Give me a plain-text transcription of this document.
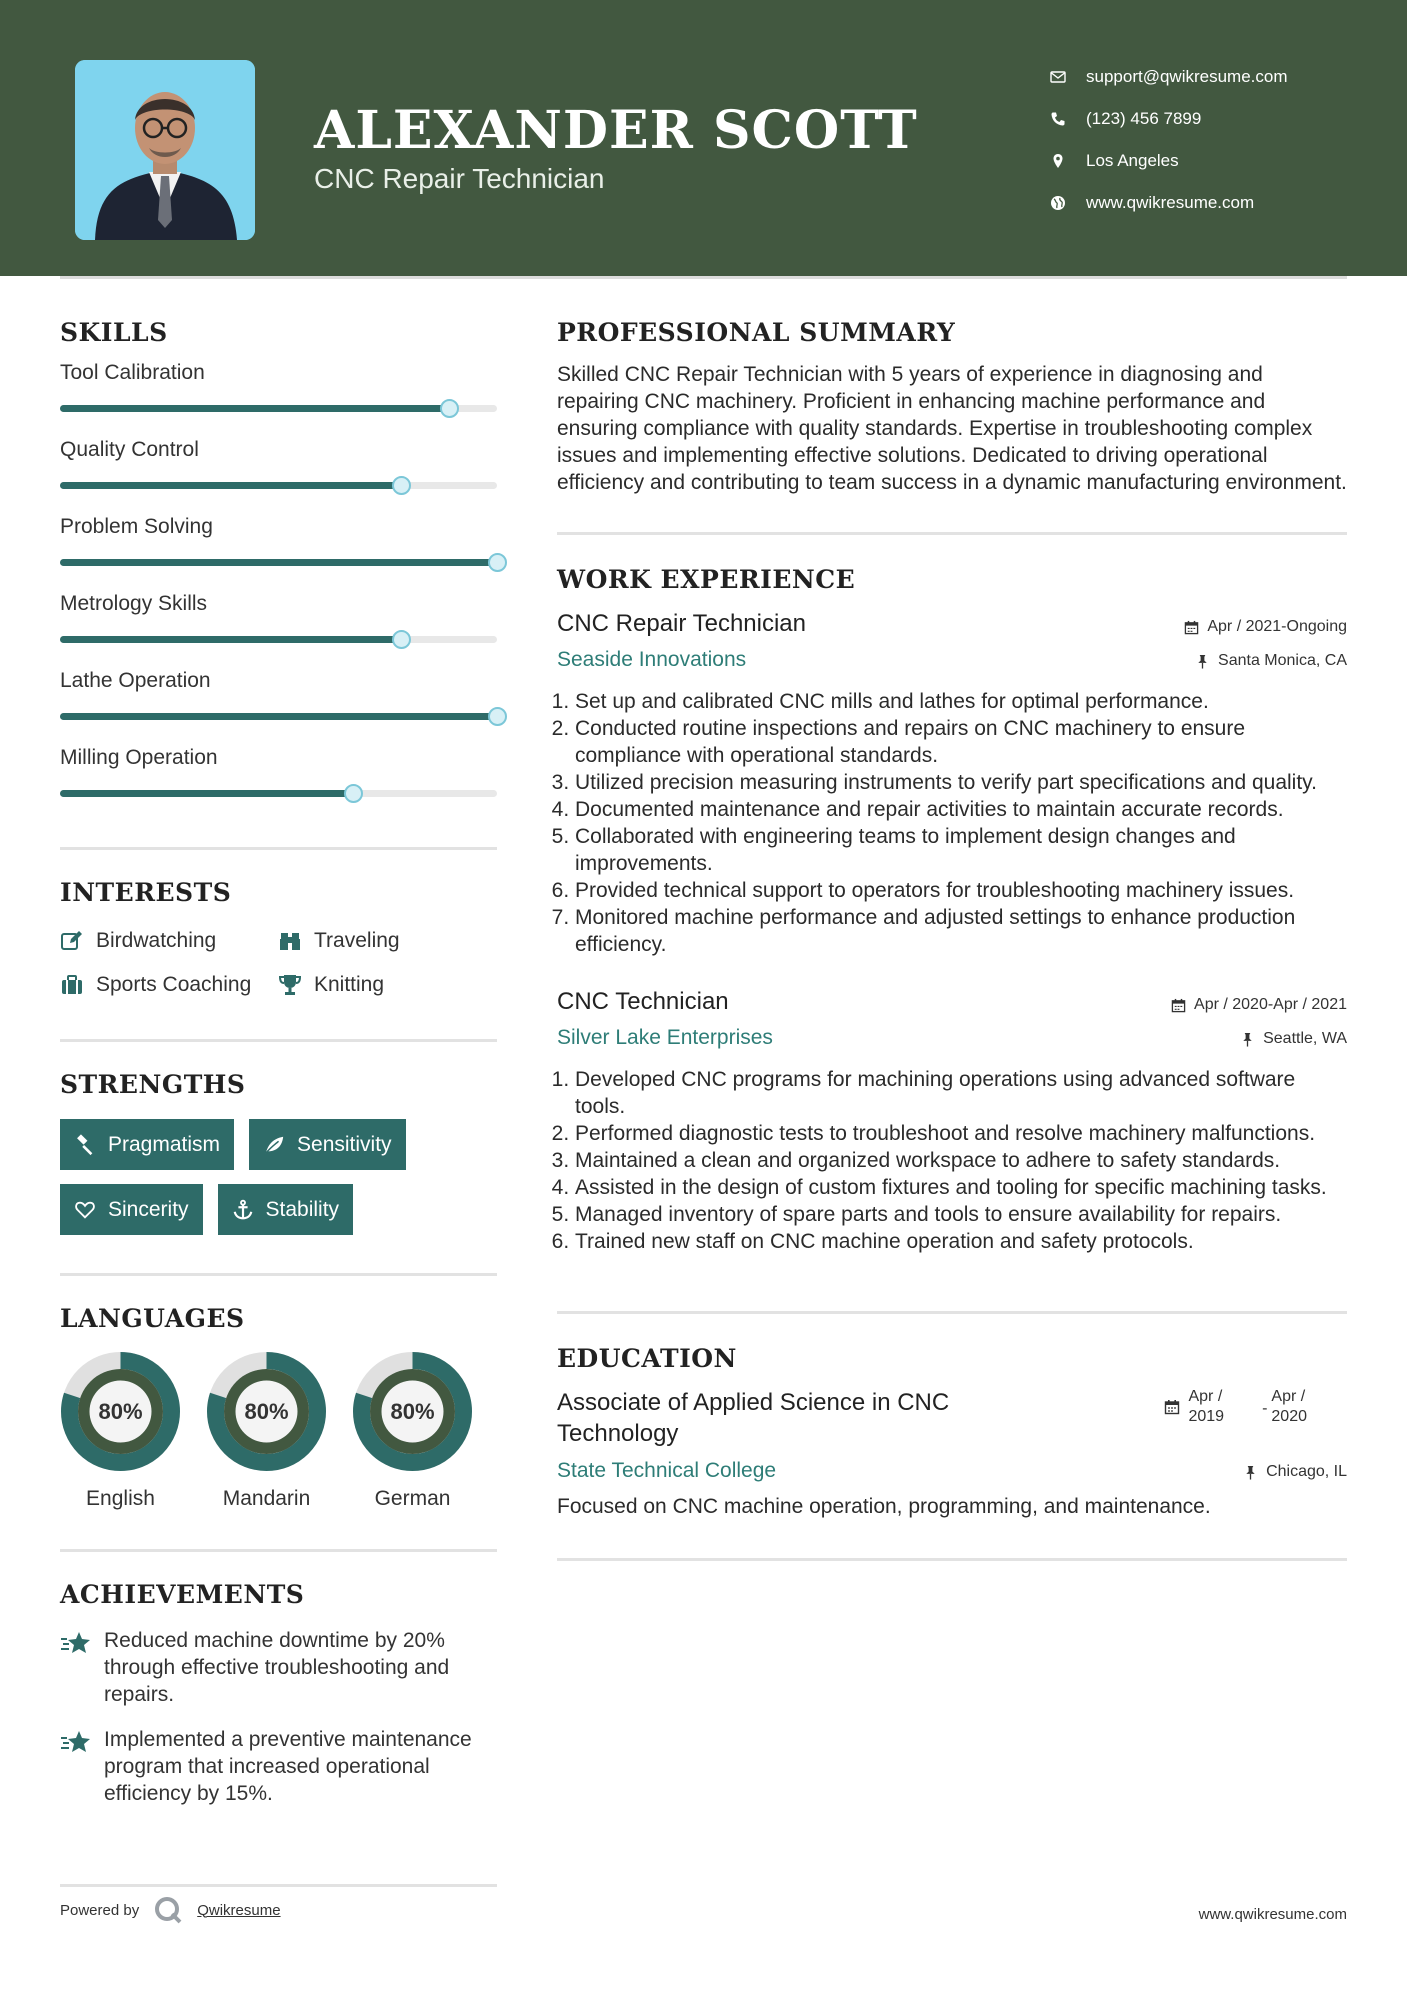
ALEXANDER SCOTT
CNC Repair Technician
support@qwikresume.com
(123) 456 7899
Los Angeles
www.qwikresume.com
SKILLS
Tool Calibration
Quality Control
Problem Solving
Metrology Skills
Lathe Operation
Milling Operation
INTERESTS
Birdwatching	Traveling
Sports Coaching	Knitting
STRENGTHS
Pragmatism	Sensitivity
Sincerity	Stability
LANGUAGES
80%
English
80%
Mandarin
80%
German
ACHIEVEMENTS
Reduced machine downtime by 20% through effective troubleshooting and repairs.
Implemented a preventive maintenance program that increased operational efficiency by 15%.
PROFESSIONAL SUMMARY
Skilled CNC Repair Technician with 5 years of experience in diagnosing and repairing CNC machinery. Proficient in enhancing machine performance and ensuring compliance with quality standards. Expertise in troubleshooting complex issues and implementing effective solutions. Dedicated to driving operational efficiency and contributing to team success in a dynamic manufacturing environment.
WORK EXPERIENCE
CNC Repair Technician	Apr / 2021-Ongoing
Seaside Innovations	Santa Monica, CA
1. Set up and calibrated CNC mills and lathes for optimal performance.
2. Conducted routine inspections and repairs on CNC machinery to ensure compliance with operational standards.
3. Utilized precision measuring instruments to verify part specifications and quality.
4. Documented maintenance and repair activities to maintain accurate records.
5. Collaborated with engineering teams to implement design changes and improvements.
6. Provided technical support to operators for troubleshooting machinery issues.
7. Monitored machine performance and adjusted settings to enhance production efficiency.
CNC Technician	Apr / 2020-Apr / 2021
Silver Lake Enterprises	Seattle, WA
1. Developed CNC programs for machining operations using advanced software tools.
2. Performed diagnostic tests to troubleshoot and resolve machinery malfunctions.
3. Maintained a clean and organized workspace to adhere to safety standards.
4. Assisted in the design of custom fixtures and tooling for specific machining tasks.
5. Managed inventory of spare parts and tools to ensure availability for repairs.
6. Trained new staff on CNC machine operation and safety protocols.
EDUCATION
Associate of Applied Science in CNC Technology
Apr /
2019 -
Apr /
2020
State Technical College	Chicago, IL
Focused on CNC machine operation, programming, and maintenance.
Powered by	Qwikresume	www.qwikresume.com
